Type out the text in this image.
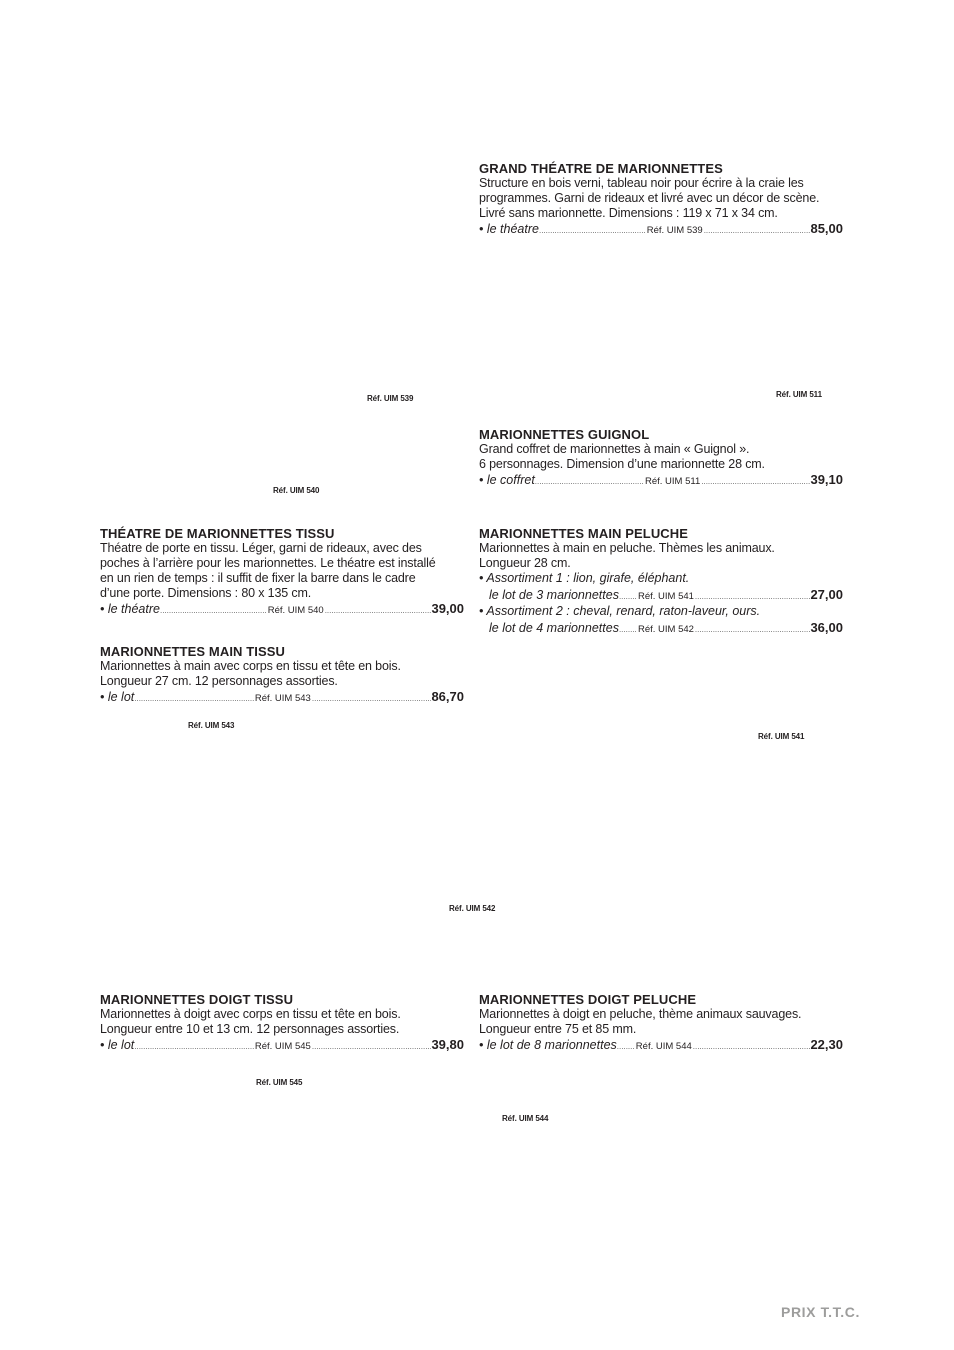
GRAND THÉATRE DE MARIONNETTES

Structure en bois verni, tableau noir pour écrire à la craie les
programmes. Garni de rideaux et livré avec un décor de scène.
Livré sans marionnette. Dimensions : 119 x 71 x 34 cm.

• le théatre .....	Réf. UIM 539 .....	85,00

MARIONNETTES GUIGNOL

Grand coffret de marionnettes à main « Guignol ».
6 personnages. Dimension d’une marionnette 28 cm.

• le coffret .....	Réf. UIM 511 .....	39,10

THÉATRE DE MARIONNETTES TISSU

Théatre de porte en tissu. Léger, garni de rideaux, avec des
poches à l’arrière pour les marionnettes. Le théatre est installé
en un rien de temps : il suffit de fixer la barre dans le cadre
d’une porte. Dimensions : 80 x 135 cm.

• le théatre .....	Réf. UIM 540 .....	39,00

MARIONNETTES MAIN PELUCHE

Marionnettes à main en peluche. Thèmes les animaux.
Longueur 28 cm.

• Assortiment 1 : lion, girafe, éléphant.
le lot de 3 marionnettes ..... Réf. UIM 541 .....	27,00
• Assortiment 2 : cheval, renard, raton-laveur, ours.
le lot de 4 marionnettes ..... Réf. UIM 542 .....	36,00

MARIONNETTES MAIN TISSU

Marionnettes à main avec corps en tissu et tête en bois.
Longueur 27 cm. 12 personnages assorties.

• le lot .....	Réf. UIM 543 .....	86,70

MARIONNETTES DOIGT TISSU

Marionnettes à doigt avec corps en tissu et tête en bois.
Longueur entre 10 et 13 cm. 12 personnages assorties.

• le lot .....	Réf. UIM 545 .....	39,80

MARIONNETTES DOIGT PELUCHE

Marionnettes à doigt en peluche, thème animaux sauvages.
Longueur entre 75 et 85 mm.

• le lot de 8 marionnettes ..... Réf. UIM 544 .....	22,30
Réf. UIM 539	Réf. UIM 511
Réf. UIM 540
Réf. UIM 543
Réf. UIM 541
Réf. UIM 542
Réf. UIM 545
Réf. UIM 544
PRIX T.T.C.
